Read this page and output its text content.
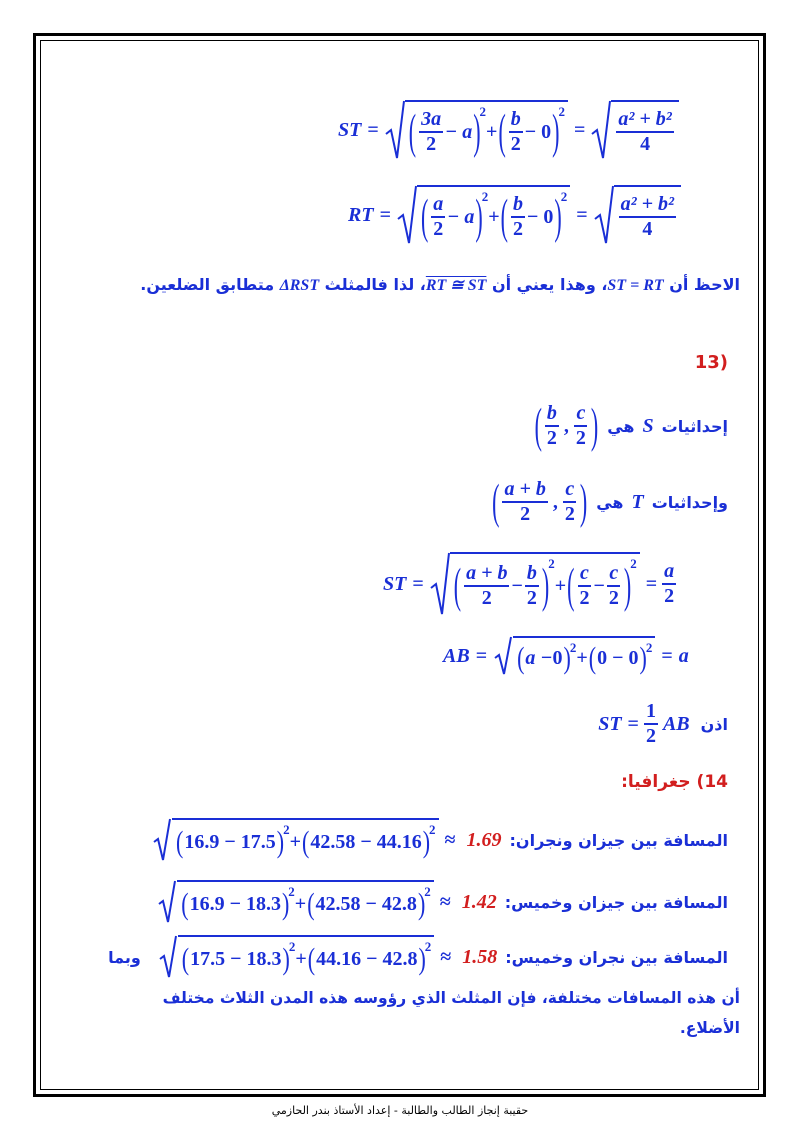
ST = ( $\frac{3a}{2} - a$ ) 2
+ ( $\frac{b}{2} - 0$ ) 2
= $\frac{\text{a² + b²}}{4}$
RT = ( $\frac{a}{2} - a$ ) 2
+ ( $\frac{b}{2} - 0$ ) 2
= $\frac{\text{a² + b²}}{4}$
الاحظ أن ST = RT، وهذا يعني أن RT ≅ ST، لذا فالمثلث ΔRST متطابق الضلعين.
(13
إحداثيات
S
هي
( $\frac{b}{2}$ , $\frac{c}{2}$ )
وإحداثيات
T
هي
( $\frac{a + b}{2}$ , $\frac{c}{2}$ )
ST = ( $\frac{a + b}{2} - \frac{b}{2}$ ) 2
+ ( $\frac{c}{2} - \frac{c}{2}$ ) 2
= $\frac{a}{2}$
AB = ( a − 0 ) 2 + ( 0 − 0 ) 2 = a
اذن
ST = $\frac{1}{2}$ AB
14) جغرافيا:
المسافة بين جيزان ونجران:
1.69
( 16.9 − 17.5 ) 2
+ ( 42.58 − 44.16 ) 2 ≈
المسافة بين جيزان وخميس:
1.42
( 16.9 − 18.3 ) 2
+ ( 42.58 − 42.8 ) 2 ≈
المسافة بين نجران وخميس:
1.58
( 17.5 − 18.3 ) 2
+ ( 44.16 − 42.8 ) 2 ≈
وبما
أن هذه المسافات مختلفة، فإن المثلث الذي رؤوسه هذه المدن الثلاث مختلف الأضلاع.
حقيبة إنجاز الطالب والطالبة - إعداد الأستاذ بندر الحازمي
